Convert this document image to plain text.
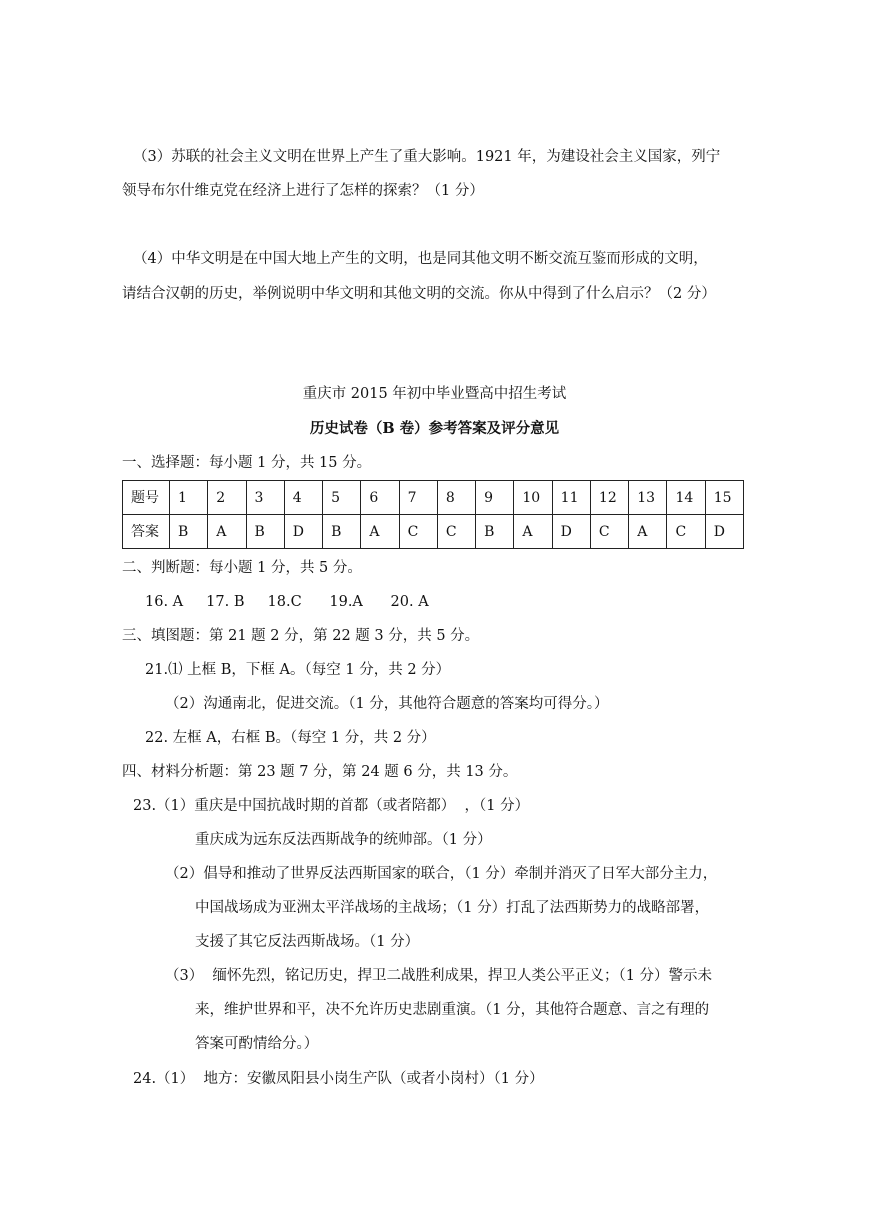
（3）苏联的社会主义文明在世界上产生了重大影响。1921 年，为建设社会主义国家，列宁
领导布尔什维克党在经济上进行了怎样的探索？（1 分）
（4）中华文明是在中国大地上产生的文明，也是同其他文明不断交流互鉴而形成的文明，
请结合汉朝的历史，举例说明中华文明和其他文明的交流。你从中得到了什么启示？（2 分）
重庆市 2015 年初中毕业暨高中招生考试
历史试卷（B 卷）参考答案及评分意见
一、选择题：每小题 1 分，共 15 分。
题号	1	2	3	4	5	6	7	8	9	10	11	12	13	14	15
答案	B	A	B	D	B	A	C	C	B	A	D	C	A	C	D
二、判断题：每小题 1 分，共 5 分。
16. A     17. B     18.C      19.A      20. A
三、填图题：第 21 题 2 分，第 22 题 3 分，共 5 分。
21.⑴ 上框 B，下框 A。（每空 1 分，共 2 分）
（2）沟通南北，促进交流。（1 分，其他符合题意的答案均可得分。）
22. 左框 A，右框 B。（每空 1 分，共 2 分）
四、材料分析题：第 23 题 7 分，第 24 题 6 分，共 13 分。
23.（1）重庆是中国抗战时期的首都（或者陪都）  ，（1 分）
重庆成为远东反法西斯战争的统帅部。（1 分）
（2）倡导和推动了世界反法西斯国家的联合，（1 分）牵制并消灭了日军大部分主力，
中国战场成为亚洲太平洋战场的主战场；（1 分）打乱了法西斯势力的战略部署，
支援了其它反法西斯战场。（1 分）
（3）  缅怀先烈，铭记历史，捍卫二战胜利成果，捍卫人类公平正义；（1 分）警示未
来，维护世界和平，决不允许历史悲剧重演。（1 分，其他符合题意、言之有理的
答案可酌情给分。）
24.（1）  地方：安徽凤阳县小岗生产队（或者小岗村）（1 分）
